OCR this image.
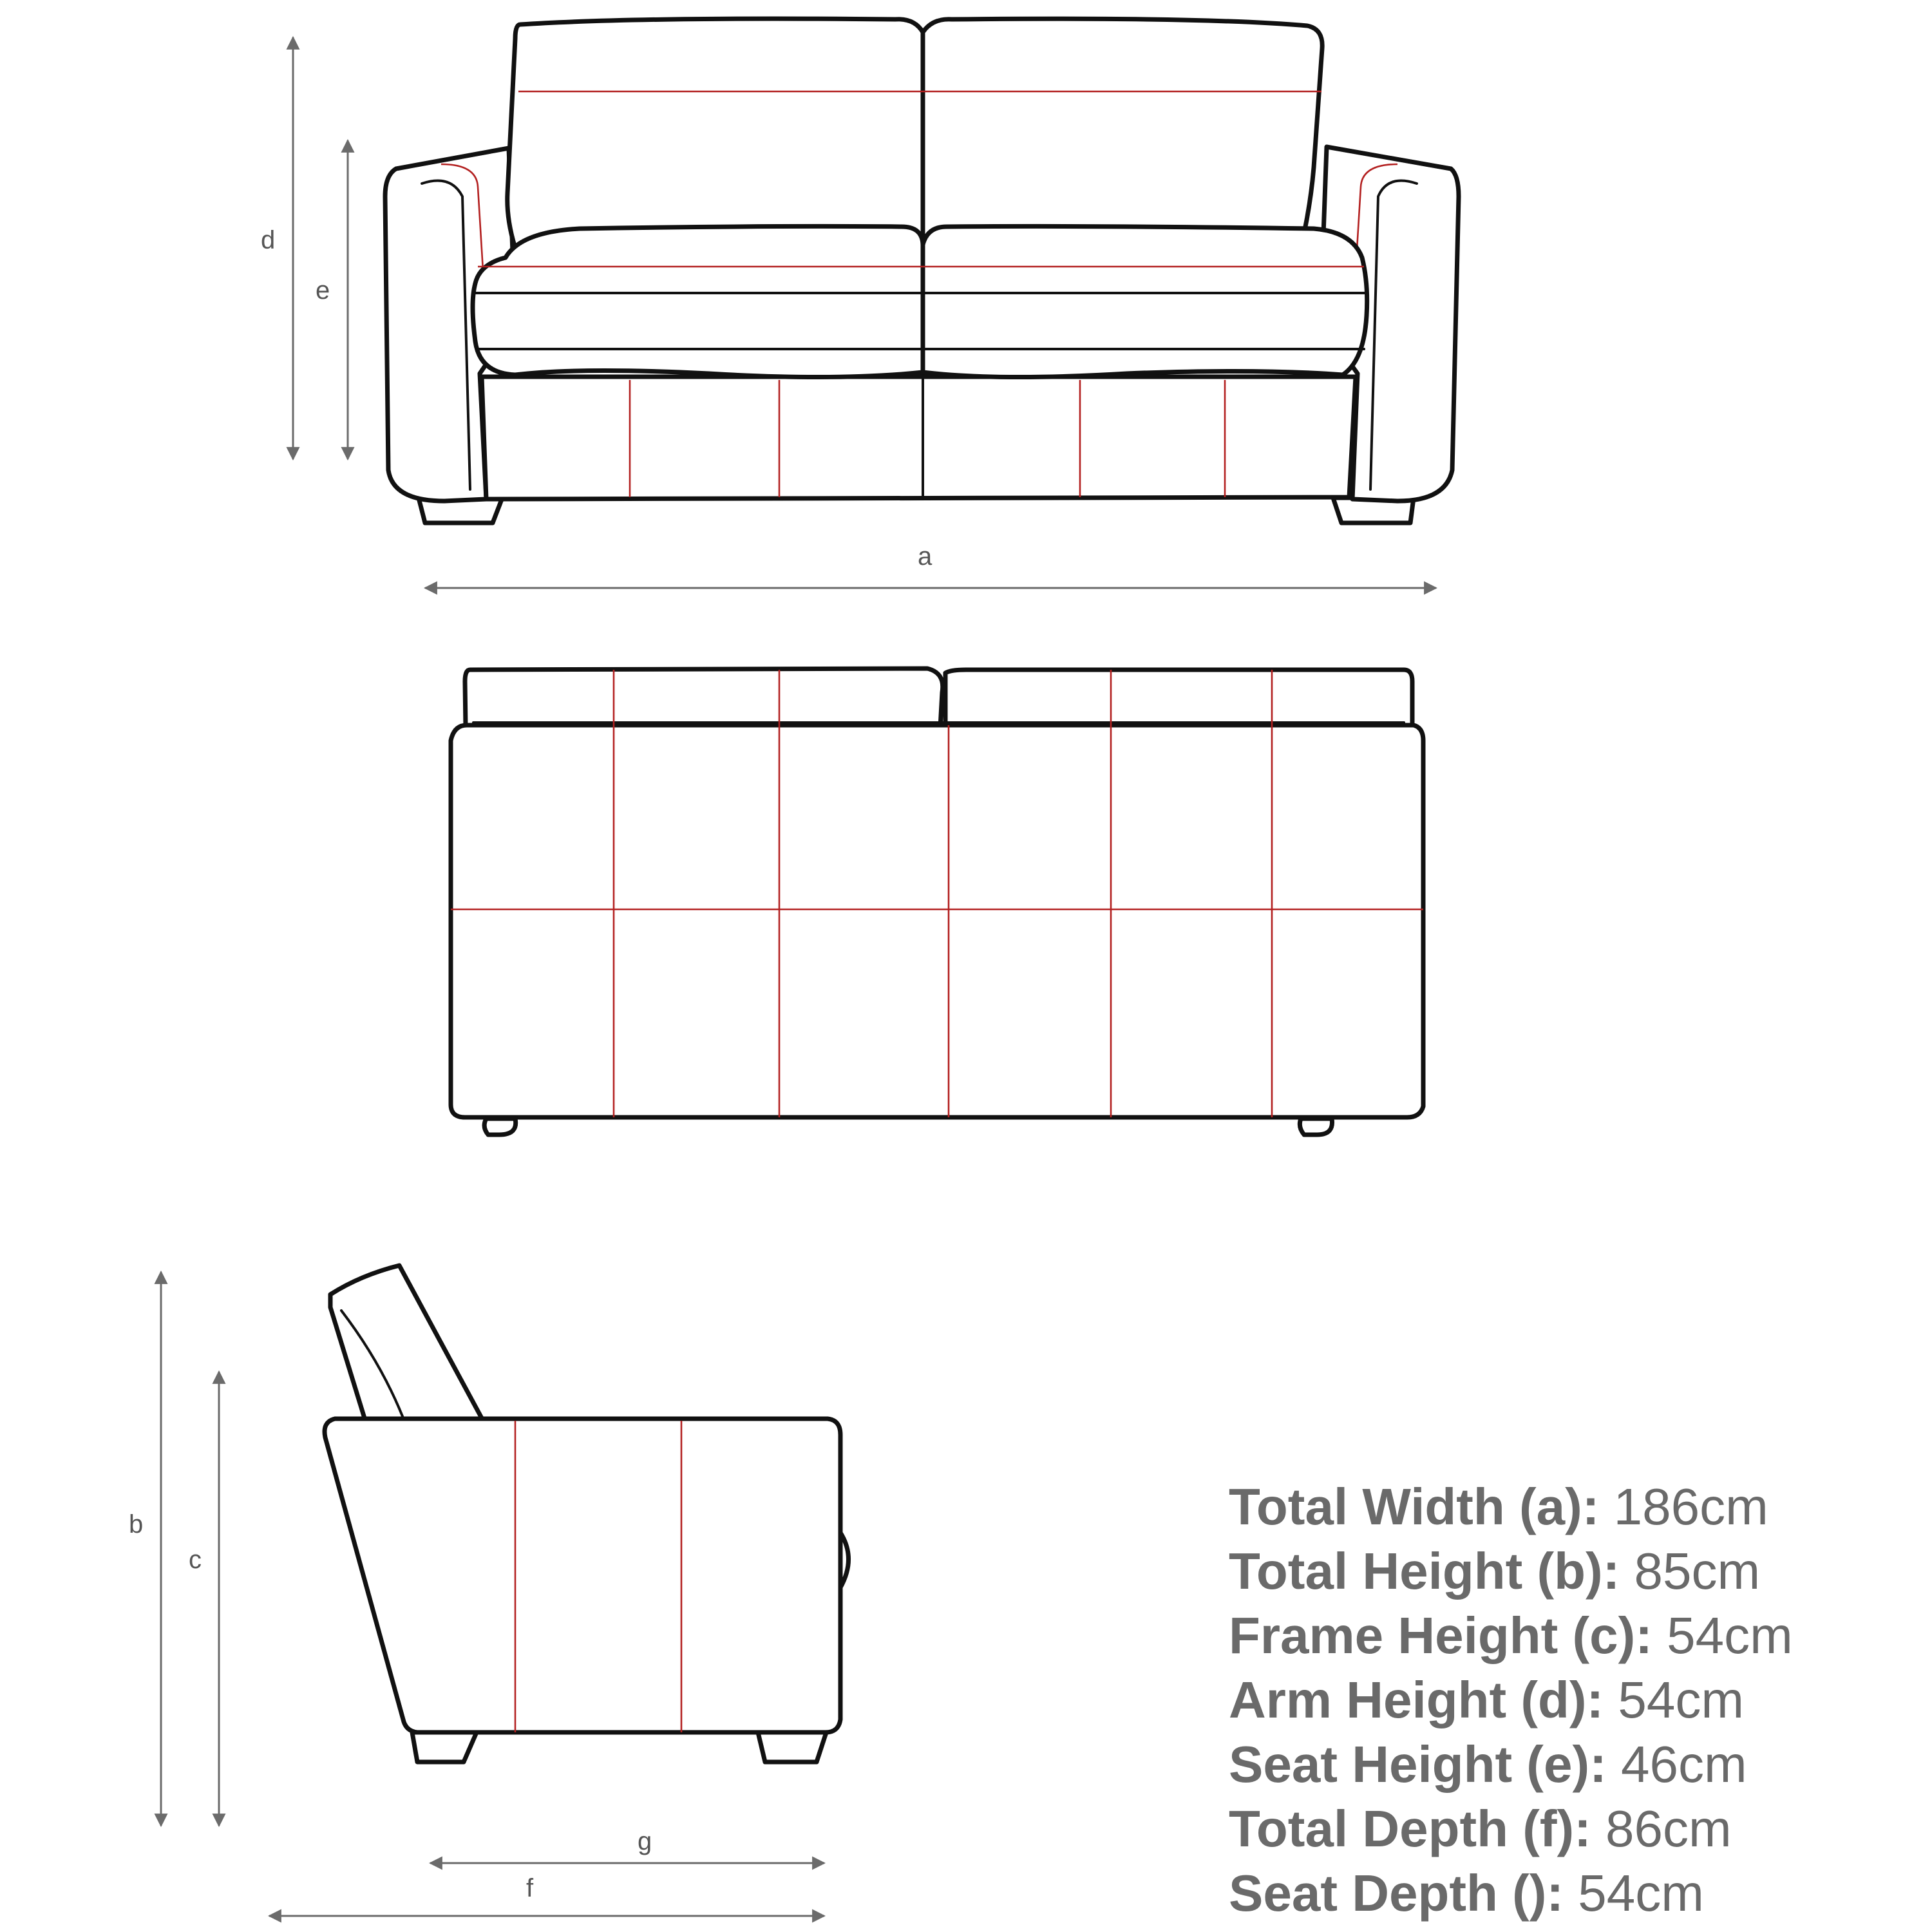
a
d
e
b
c
g
f
Total Width (a): 186cm
Total Height (b): 85cm
Frame Height (c): 54cm
Arm Height (d): 54cm
Seat Height (e): 46cm
Total Depth (f): 86cm
Seat Depth (): 54cm
